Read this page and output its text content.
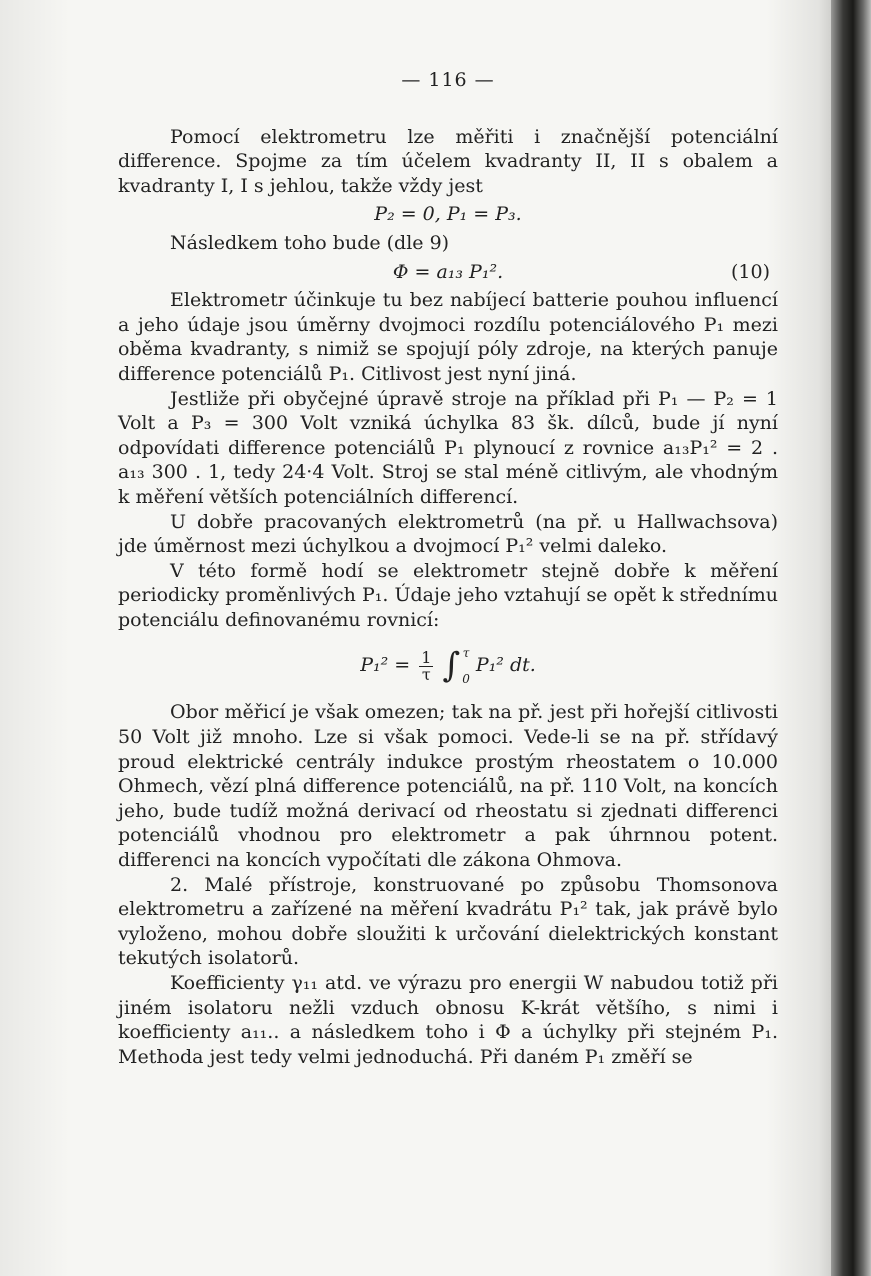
— 116 —

Pomocí elektrometru lze měřiti i značnější potenciální difference. Spojme za tím účelem kvadranty II, II s obalem a kvadranty I, I s jehlou, takže vždy jest

P₂ = 0, P₁ = P₃.

Následkem toho bude (dle 9)

Φ = a₁₃ P₁².	(10)

Elektrometr účinkuje tu bez nabíjecí batterie pouhou influencí a jeho údaje jsou úměrny dvojmoci rozdílu potenciálového P₁ mezi oběma kvadranty, s nimiž se spojují póly zdroje, na kterých panuje difference potenciálů P₁. Citlivost jest nyní jiná.

Jestliže při obyčejné úpravě stroje na příklad při P₁ — P₂ = 1 Volt a P₃ = 300 Volt vzniká úchylka 83 šk. dílců, bude jí nyní odpovídati difference potenciálů P₁ plynoucí z rovnice a₁₃P₁² = 2 . a₁₃ 300 . 1, tedy 24·4 Volt. Stroj se stal méně citlivým, ale vhodným k měření větších potenciálních differencí.

U dobře pracovaných elektrometrů (na př. u Hallwachsova) jde úměrnost mezi úchylkou a dvojmocí P₁² velmi daleko.

V této formě hodí se elektrometr stejně dobře k měření periodicky proměnlivých P₁. Údaje jeho vztahují se opět k střednímu potenciálu definovanému rovnicí:

$P_1^2 = \frac{1}{\tau}$ ∫ τ
0
P₁² dt.

Obor měřicí je však omezen; tak na př. jest při hořejší citlivosti 50 Volt již mnoho. Lze si však pomoci. Vede-li se na př. střídavý proud elektrické centrály indukce prostým rheostatem o 10.000 Ohmech, vězí plná difference potenciálů, na př. 110 Volt, na koncích jeho, bude tudíž možná derivací od rheostatu si zjednati differenci potenciálů vhodnou pro elektrometr a pak úhrnnou potent. differenci na koncích vypočítati dle zákona Ohmova.

2. Malé přístroje, konstruované po způsobu Thomsonova elektrometru a zařízené na měření kvadrátu P₁² tak, jak právě bylo vyloženo, mohou dobře sloužiti k určování dielektrických konstant tekutých isolatorů.

Koefficienty γ₁₁ atd. ve výrazu pro energii W nabudou totiž při jiném isolatoru nežli vzduch obnosu K-krát většího, s nimi i koefficienty a₁₁.. a následkem toho i Φ a úchylky při stejném P₁. Methoda jest tedy velmi jednoduchá. Při daném P₁ změří se
